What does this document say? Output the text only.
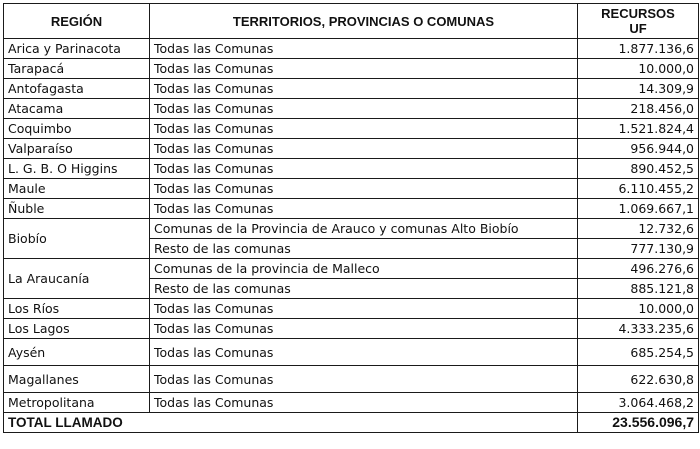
REGIÓN	TERRITORIOS, PROVINCIAS O COMUNAS	RECURSOS
UF
Arica y Parinacota	Todas las Comunas	1.877.136,6
Tarapacá	Todas las Comunas	10.000,0
Antofagasta	Todas las Comunas	14.309,9
Atacama	Todas las Comunas	218.456,0
Coquimbo	Todas las Comunas	1.521.824,4
Valparaíso	Todas las Comunas	956.944,0
L. G. B. O Higgins	Todas las Comunas	890.452,5
Maule	Todas las Comunas	6.110.455,2
Ñuble	Todas las Comunas	1.069.667,1
Biobío	Comunas de la Provincia de Arauco y comunas Alto Biobío	12.732,6
	Resto de las comunas	777.130,9
La Araucanía	Comunas de la provincia de Malleco	496.276,6
	Resto de las comunas	885.121,8
Los Ríos	Todas las Comunas	10.000,0
Los Lagos	Todas las Comunas	4.333.235,6
Aysén	Todas las Comunas	685.254,5
Magallanes	Todas las Comunas	622.630,8
Metropolitana	Todas las Comunas	3.064.468,2
TOTAL LLAMADO		23.556.096,7
